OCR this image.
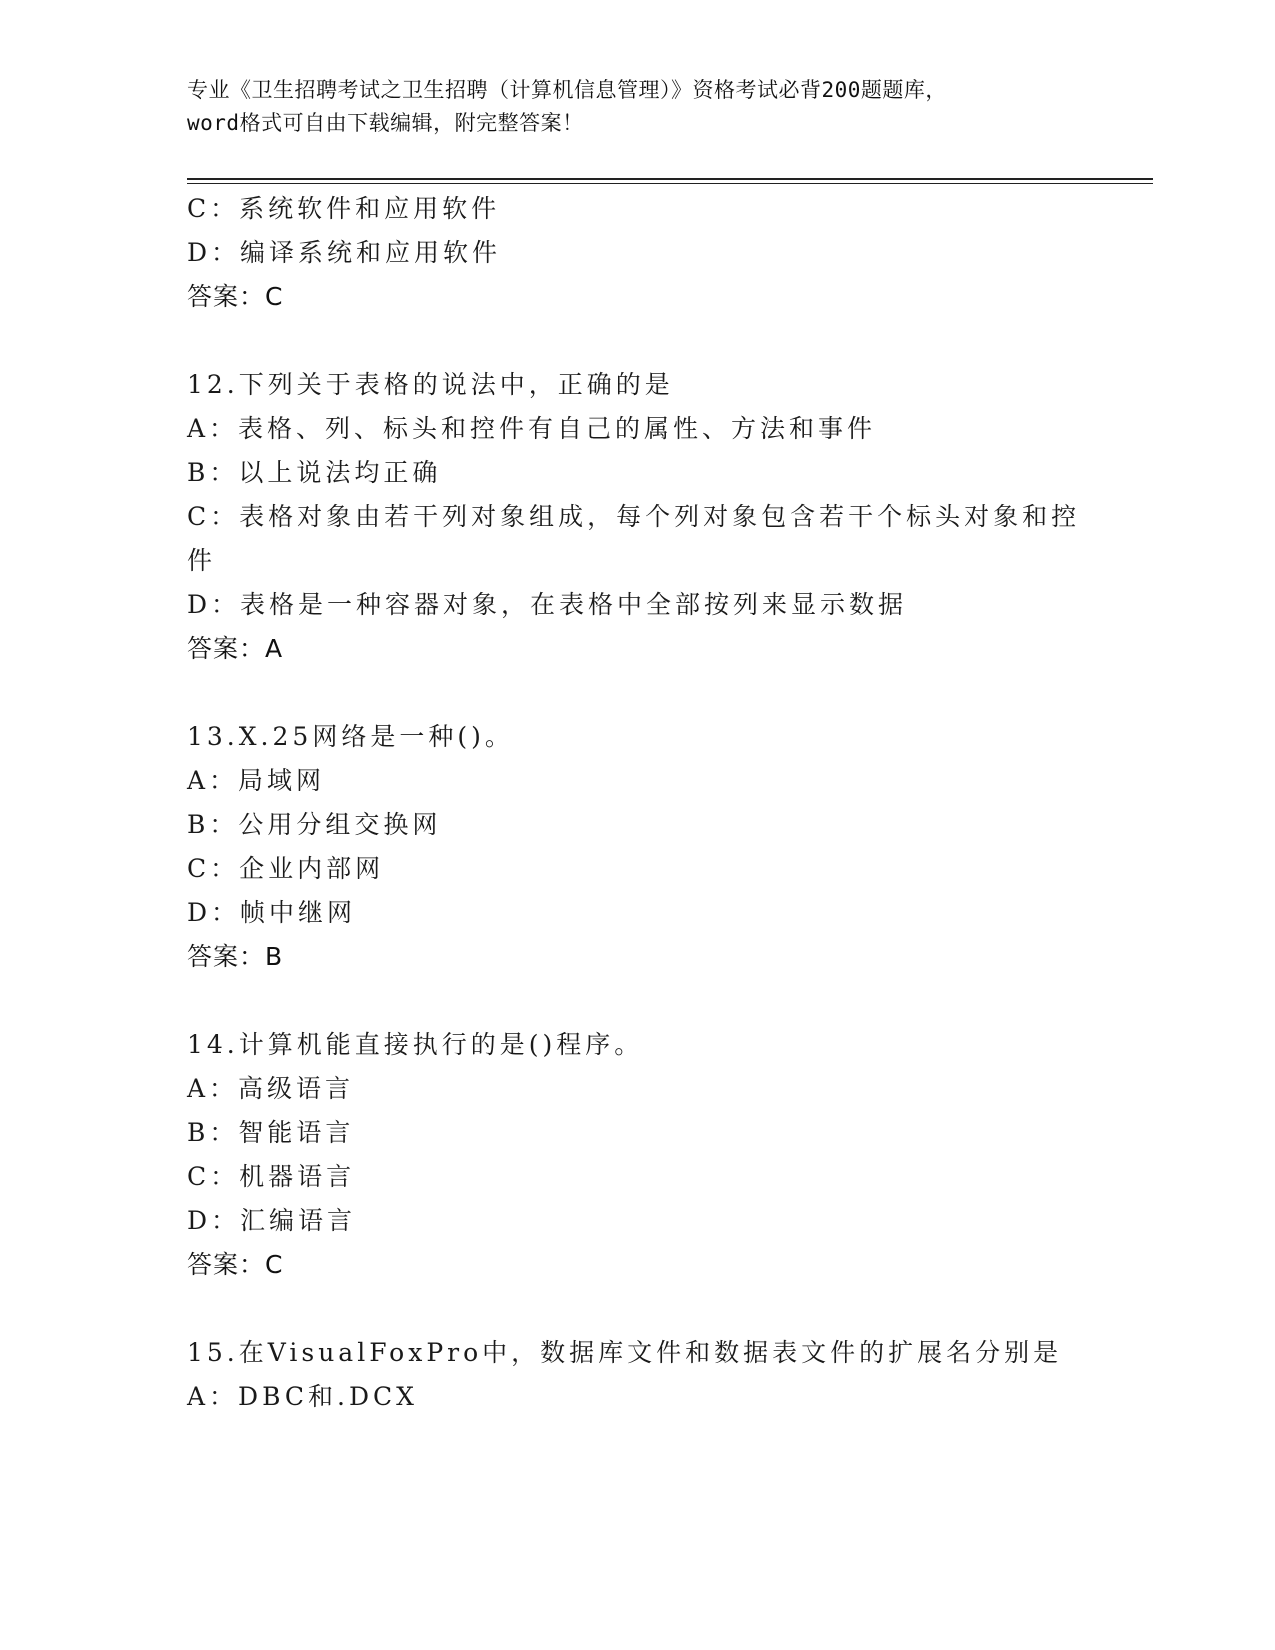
专业《卫生招聘考试之卫生招聘（计算机信息管理）》资格考试必背200题题库，
word格式可自由下载编辑，附完整答案！
C：系统软件和应用软件
D：编译系统和应用软件
答案：C
12.下列关于表格的说法中，正确的是
A：表格、列、标头和控件有自己的属性、方法和事件
B：以上说法均正确
C：表格对象由若干列对象组成，每个列对象包含若干个标头对象和控
件
D：表格是一种容器对象，在表格中全部按列来显示数据
答案：A
13.X.25网络是一种()。
A：局域网
B：公用分组交换网
C：企业内部网
D：帧中继网
答案：B
14.计算机能直接执行的是()程序。
A：高级语言
B：智能语言
C：机器语言
D：汇编语言
答案：C
15.在VisualFoxPro中，数据库文件和数据表文件的扩展名分别是
A：DBC和.DCX
